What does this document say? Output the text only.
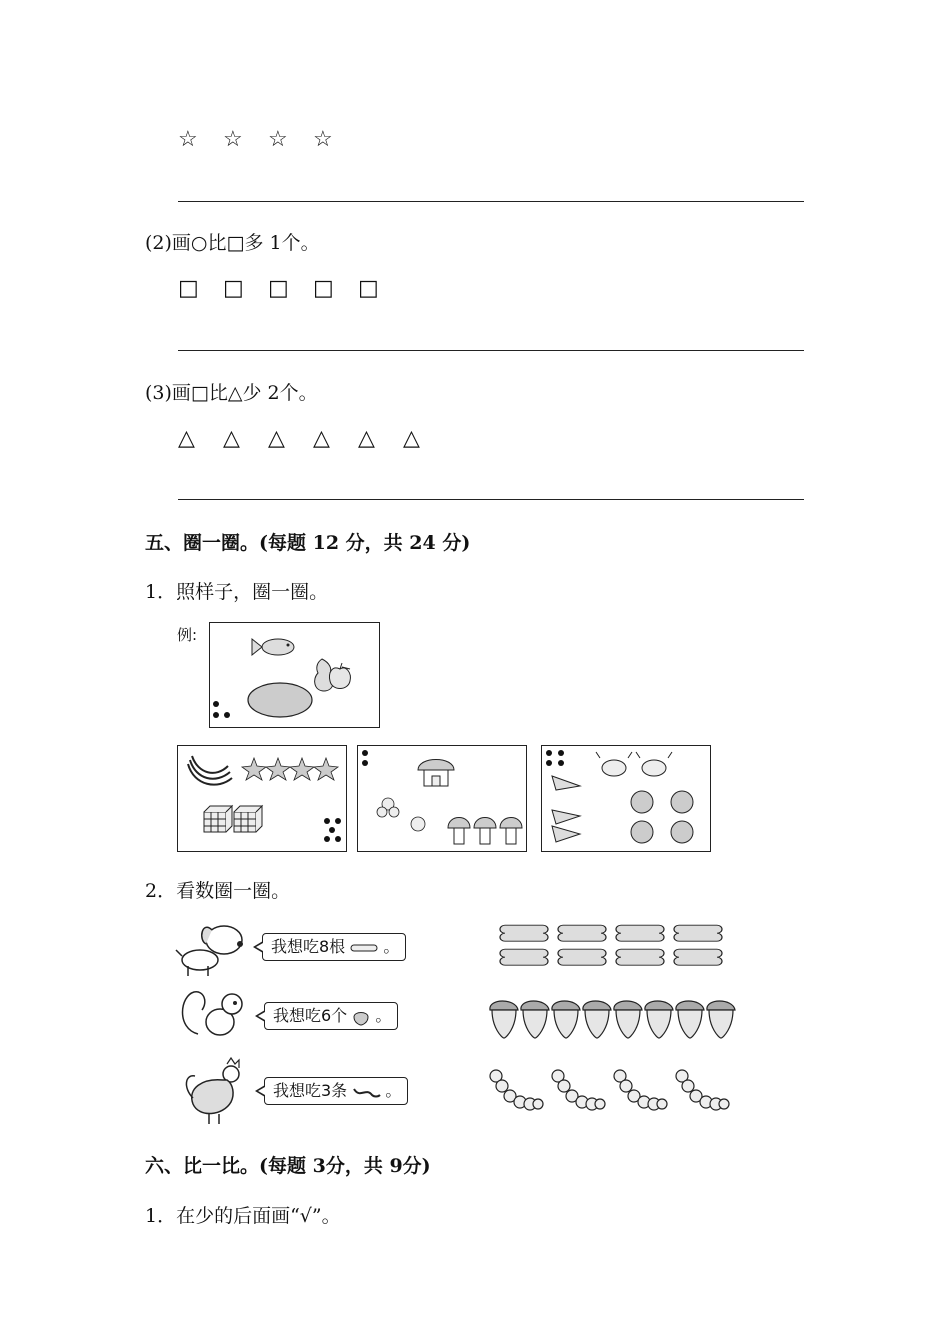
☆	☆	☆	☆
(2)画○比□多 1个。
□	□	□	□	□
(3)画□比△少 2个。
△	△	△	△	△	△
五、圈一圈。(每题 12 分，共 24 分)
1．照样子，圈一圈。
例:
2．看数圈一圈。
我想吃8根 。
我想吃6个 。
我想吃3条 。
六、比一比。(每题 3分，共 9分)
1．在少的后面画“√”。
